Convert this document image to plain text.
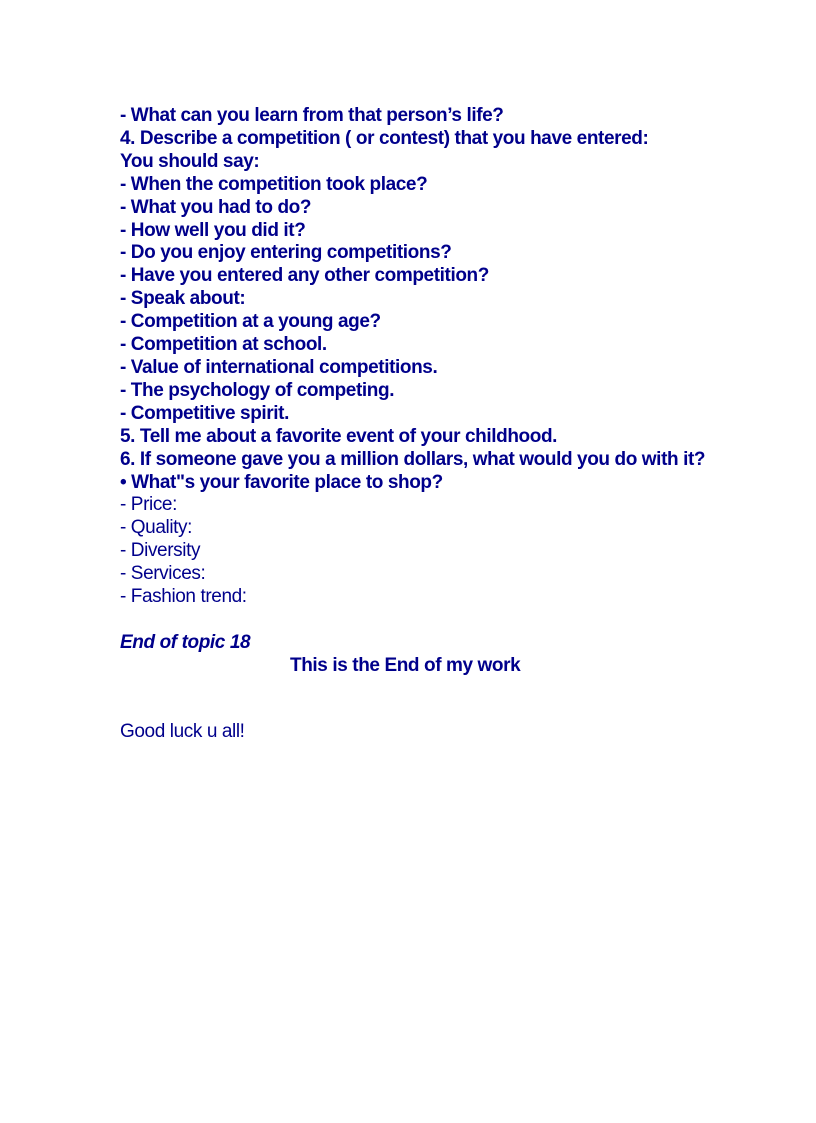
- What can you learn from that person’s life?
4. Describe a competition ( or contest) that you have entered:
You should say:
- When the competition took place?
- What you had to do?
- How well you did it?
- Do you enjoy entering competitions?
- Have you entered any other competition?
- Speak about:
- Competition at a young age?
- Competition at school.
- Value of international competitions.
- The psychology of competing.
- Competitive spirit.
5. Tell me about a favorite event of your childhood.
6. If someone gave you a million dollars, what would you do with it?
• What"s your favorite place to shop?
- Price:
- Quality:
- Diversity
- Services:
- Fashion trend:
End of topic 18
This is the End of my work
Good luck u all!
